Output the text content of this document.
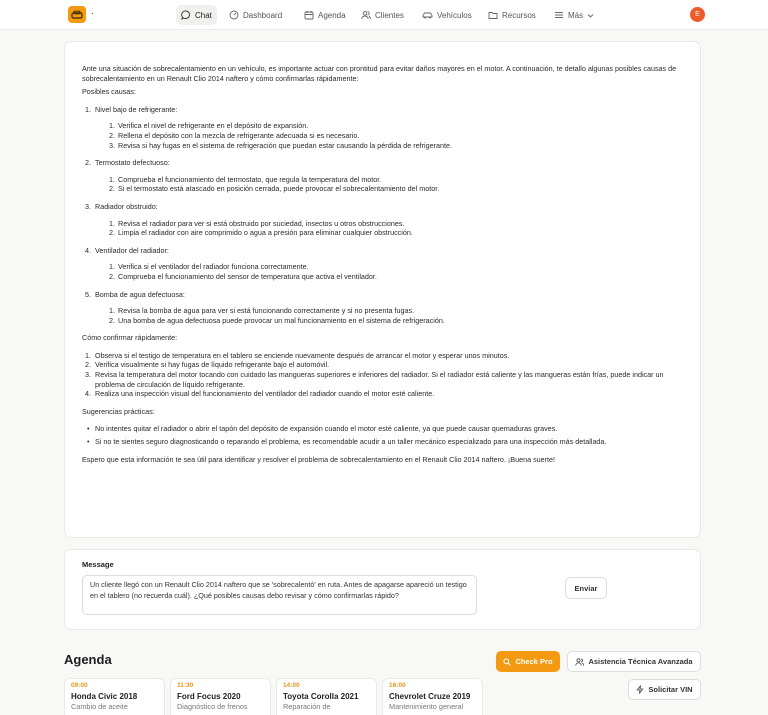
.	Chat	Dashboard	Agenda	Clientes	Vehículos	Recursos	Más	E

Ante una situación de sobrecalentamiento en un vehículo, es importante actuar con prontitud para evitar daños mayores en el motor. A continuación, te detallo algunas posibles causas de sobrecalentamiento en un Renault Clio 2014 naftero y cómo confirmarlas rápidamente:

Posibles causas:

1. Nivel bajo de refrigerante:
1. Verifica el nivel de refrigerante en el depósito de expansión.
2. Rellena el depósito con la mezcla de refrigerante adecuada si es necesario.
3. Revisa si hay fugas en el sistema de refrigeración que puedan estar causando la pérdida de refrigerante.
2. Termostato defectuoso:
1. Comprueba el funcionamiento del termostato, que regula la temperatura del motor.
2. Si el termostato está atascado en posición cerrada, puede provocar el sobrecalentamiento del motor.
3. Radiador obstruido:
1. Revisa el radiador para ver si está obstruido por suciedad, insectos u otros obstrucciones.
2. Limpia el radiador con aire comprimido o agua a presión para eliminar cualquier obstrucción.
4. Ventilador del radiador:
1. Verifica si el ventilador del radiador funciona correctamente.
2. Comprueba el funcionamiento del sensor de temperatura que activa el ventilador.
5. Bomba de agua defectuosa:
1. Revisa la bomba de agua para ver si está funcionando correctamente y si no presenta fugas.
2. Una bomba de agua defectuosa puede provocar un mal funcionamiento en el sistema de refrigeración.

Cómo confirmar rápidamente:

1. Observa si el testigo de temperatura en el tablero se enciende nuevamente después de arrancar el motor y esperar unos minutos.
2. Verifica visualmente si hay fugas de líquido refrigerante bajo el automóvil.
3. Revisa la temperatura del motor tocando con cuidado las mangueras superiores e inferiores del radiador. Si el radiador está caliente y las mangueras están frías, puede indicar un problema de circulación de líquido refrigerante.
4. Realiza una inspección visual del funcionamiento del ventilador del radiador cuando el motor esté caliente.

Sugerencias prácticas:

• No intentes quitar el radiador o abrir el tapón del depósito de expansión cuando el motor esté caliente, ya que puede causar quemaduras graves.
• Si no te sientes seguro diagnosticando o reparando el problema, es recomendable acudir a un taller mecánico especializado para una inspección más detallada.

Espero que esta información te sea útil para identificar y resolver el problema de sobrecalentamiento en el Renault Clio 2014 naftero. ¡Buena suerte!

Message
Un cliente llegó con un Renault Clio 2014 naftero que se 'sobrecalentó' en ruta. Antes de apagarse apareció un testigo en el tablero (no recuerda cuál). ¿Qué posibles causas debo revisar y cómo confirmarlas rápido?
Enviar
Agenda	Check Pro	Asistencia Técnica Avanzada
Solicitar VIN
09:00
Honda Civic 2018
Cambio de aceite
11:30
Ford Focus 2020
Diagnóstico de frenos
14:00
Toyota Corolla 2021
Reparación de
16:00
Chevrolet Cruze 2019
Mantenimiento general
